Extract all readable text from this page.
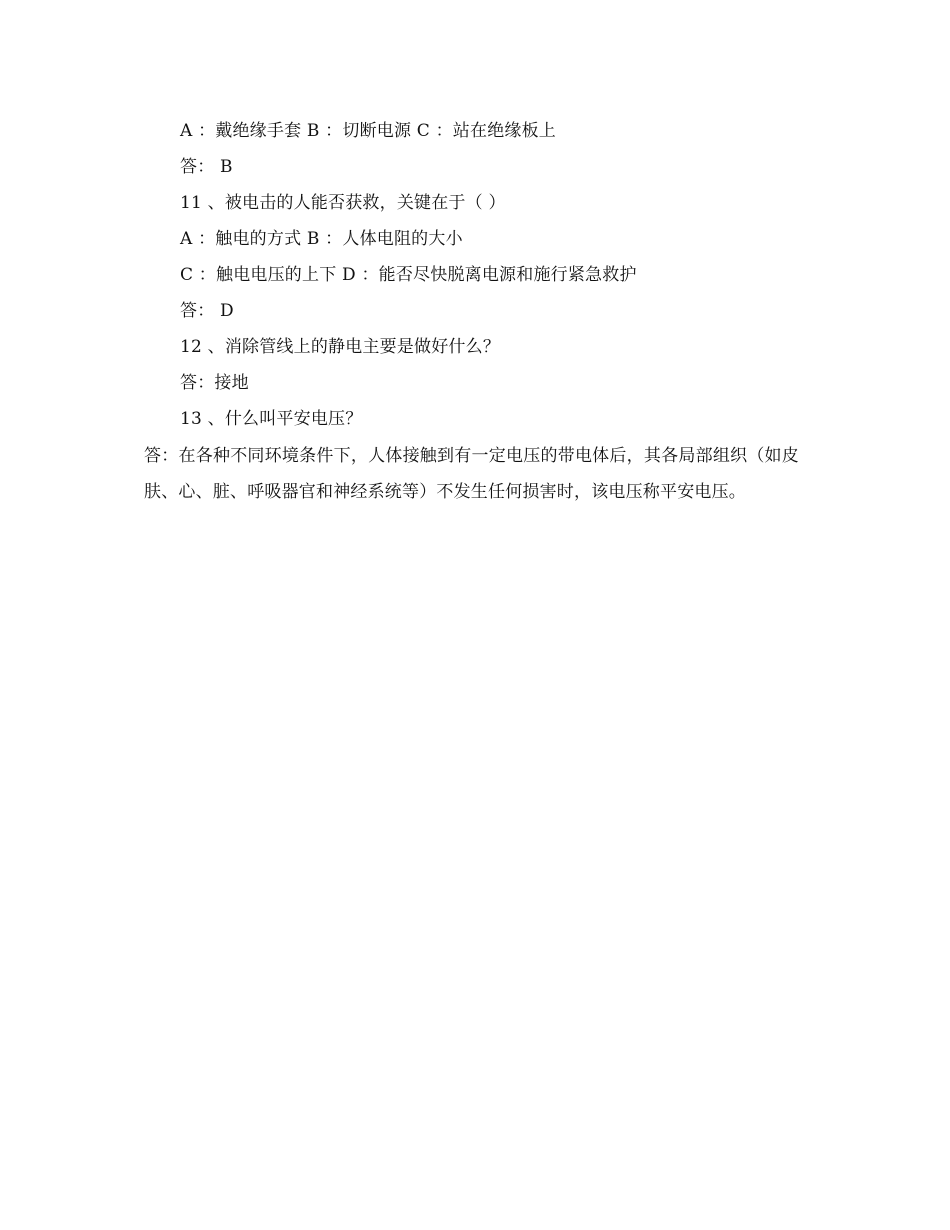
A ：戴绝缘手套 B ：切断电源 C ：站在绝缘板上
答： B
11 、被电击的人能否获救，关键在于（ ）
A ：触电的方式 B ：人体电阻的大小
C ：触电电压的上下 D ：能否尽快脱离电源和施行紧急救护
答： D
12 、消除管线上的静电主要是做好什么？
答：接地
13 、什么叫平安电压？
答：在各种不同环境条件下，人体接触到有一定电压的带电体后，其各局部组织（如皮肤、心、脏、呼吸器官和神经系统等）不发生任何损害时，该电压称平安电压。
